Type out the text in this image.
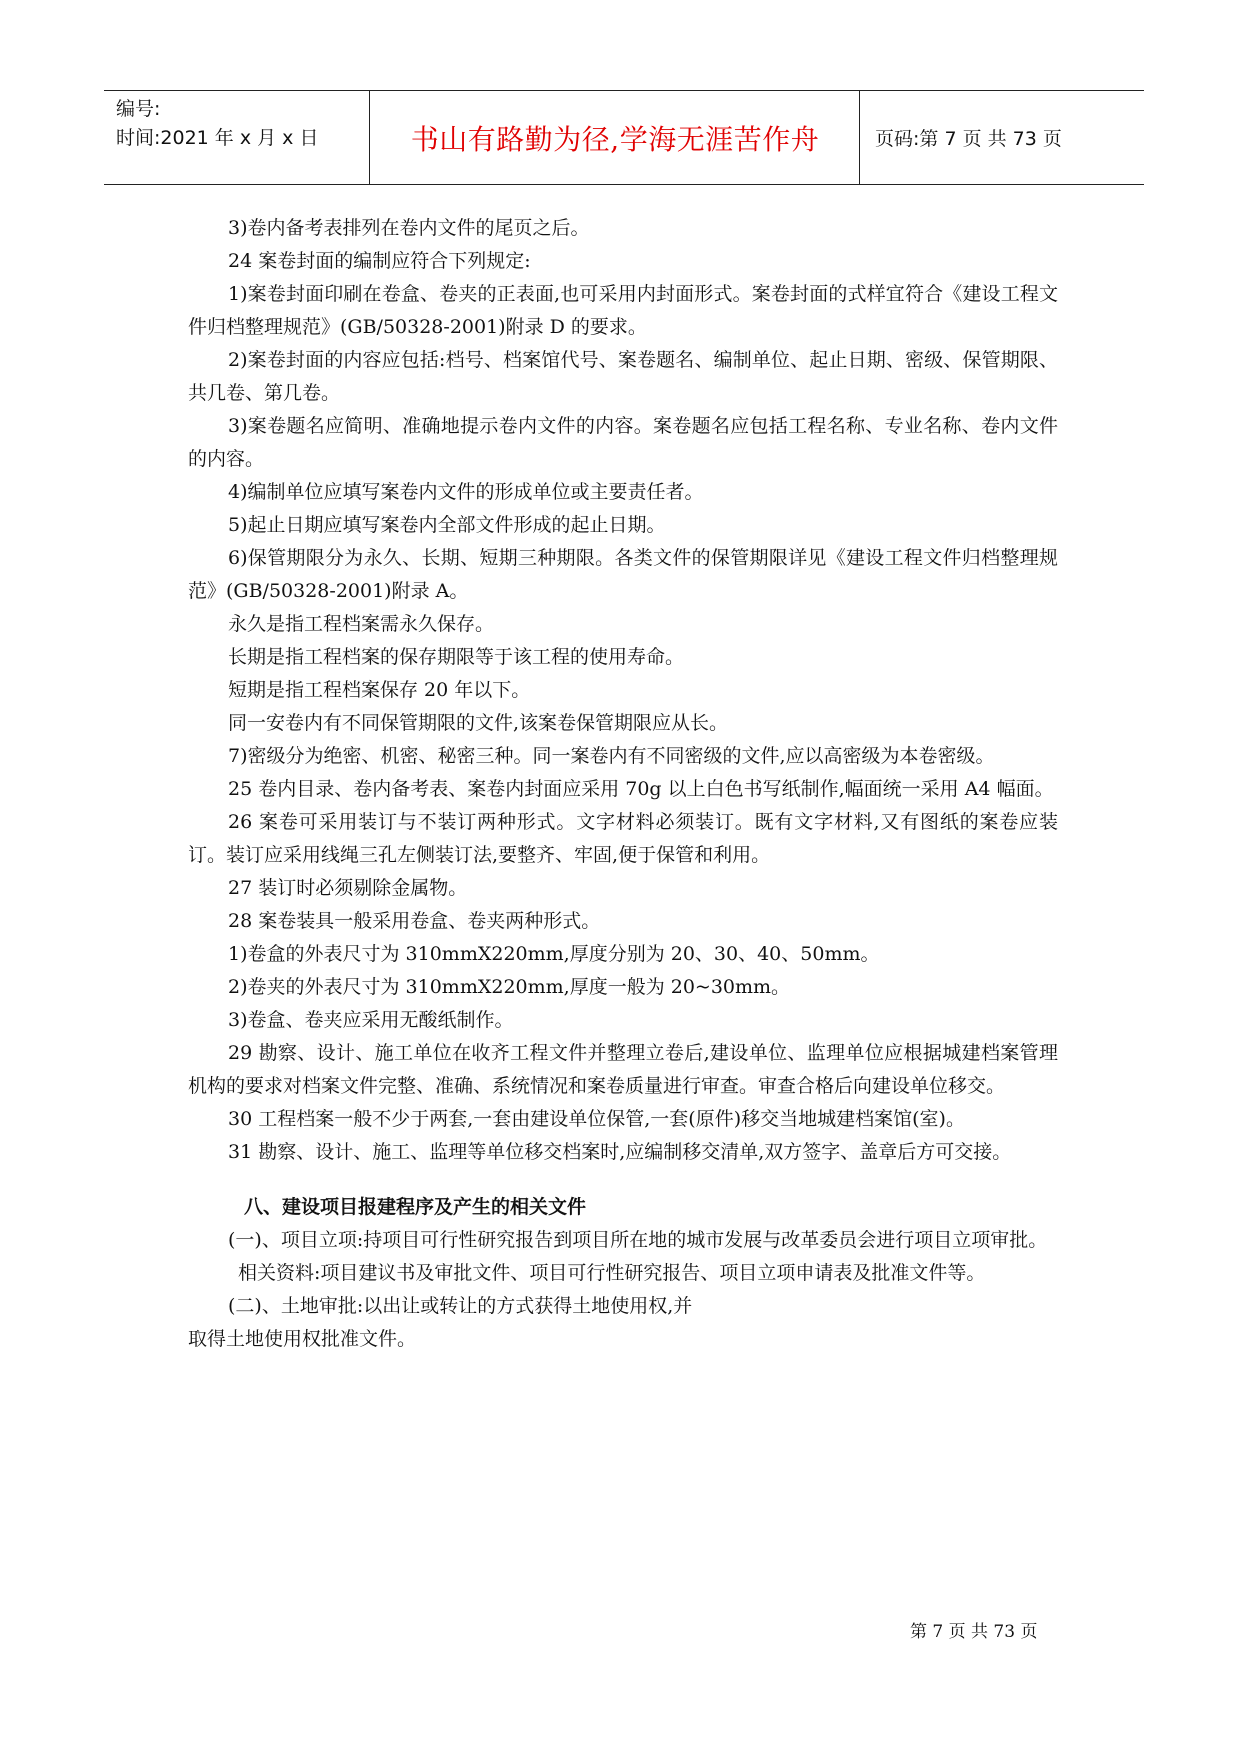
编号:
时间:2021 年 x 月 x 日	书山有路勤为径,学海无涯苦作舟	页码:第 7 页 共 73 页

3)卷内备考表排列在卷内文件的尾页之后。

24 案卷封面的编制应符合下列规定:

1)案卷封面印刷在卷盒、卷夹的正表面,也可采用内封面形式。案卷封面的式样宜符合《建设工程文件归档整理规范》(GB/50328-2001)附录 D 的要求。

2)案卷封面的内容应包括:档号、档案馆代号、案卷题名、编制单位、起止日期、密级、保管期限、共几卷、第几卷。

3)案卷题名应简明、准确地提示卷内文件的内容。案卷题名应包括工程名称、专业名称、卷内文件的内容。

4)编制单位应填写案卷内文件的形成单位或主要责任者。

5)起止日期应填写案卷内全部文件形成的起止日期。

6)保管期限分为永久、长期、短期三种期限。各类文件的保管期限详见《建设工程文件归档整理规范》(GB/50328-2001)附录 A。

永久是指工程档案需永久保存。

长期是指工程档案的保存期限等于该工程的使用寿命。

短期是指工程档案保存 20 年以下。

同一安卷内有不同保管期限的文件,该案卷保管期限应从长。

7)密级分为绝密、机密、秘密三种。同一案卷内有不同密级的文件,应以高密级为本卷密级。

25 卷内目录、卷内备考表、案卷内封面应采用 70g 以上白色书写纸制作,幅面统一采用 A4 幅面。

26 案卷可采用装订与不装订两种形式。文字材料必须装订。既有文字材料,又有图纸的案卷应装订。装订应采用线绳三孔左侧装订法,要整齐、牢固,便于保管和利用。

27 装订时必须剔除金属物。

28 案卷装具一般采用卷盒、卷夹两种形式。

1)卷盒的外表尺寸为 310mmX220mm,厚度分别为 20、30、40、50mm。

2)卷夹的外表尺寸为 310mmX220mm,厚度一般为 20~30mm。

3)卷盒、卷夹应采用无酸纸制作。

29 勘察、设计、施工单位在收齐工程文件并整理立卷后,建设单位、监理单位应根据城建档案管理机构的要求对档案文件完整、准确、系统情况和案卷质量进行审查。审查合格后向建设单位移交。

30 工程档案一般不少于两套,一套由建设单位保管,一套(原件)移交当地城建档案馆(室)。

31 勘察、设计、施工、监理等单位移交档案时,应编制移交清单,双方签字、盖章后方可交接。

八、建设项目报建程序及产生的相关文件

(一)、项目立项:持项目可行性研究报告到项目所在地的城市发展与改革委员会进行项目立项审批。

相关资料:项目建议书及审批文件、项目可行性研究报告、项目立项申请表及批准文件等。

(二)、土地审批:以出让或转让的方式获得土地使用权,并

取得土地使用权批准文件。

第 7 页 共 73 页
